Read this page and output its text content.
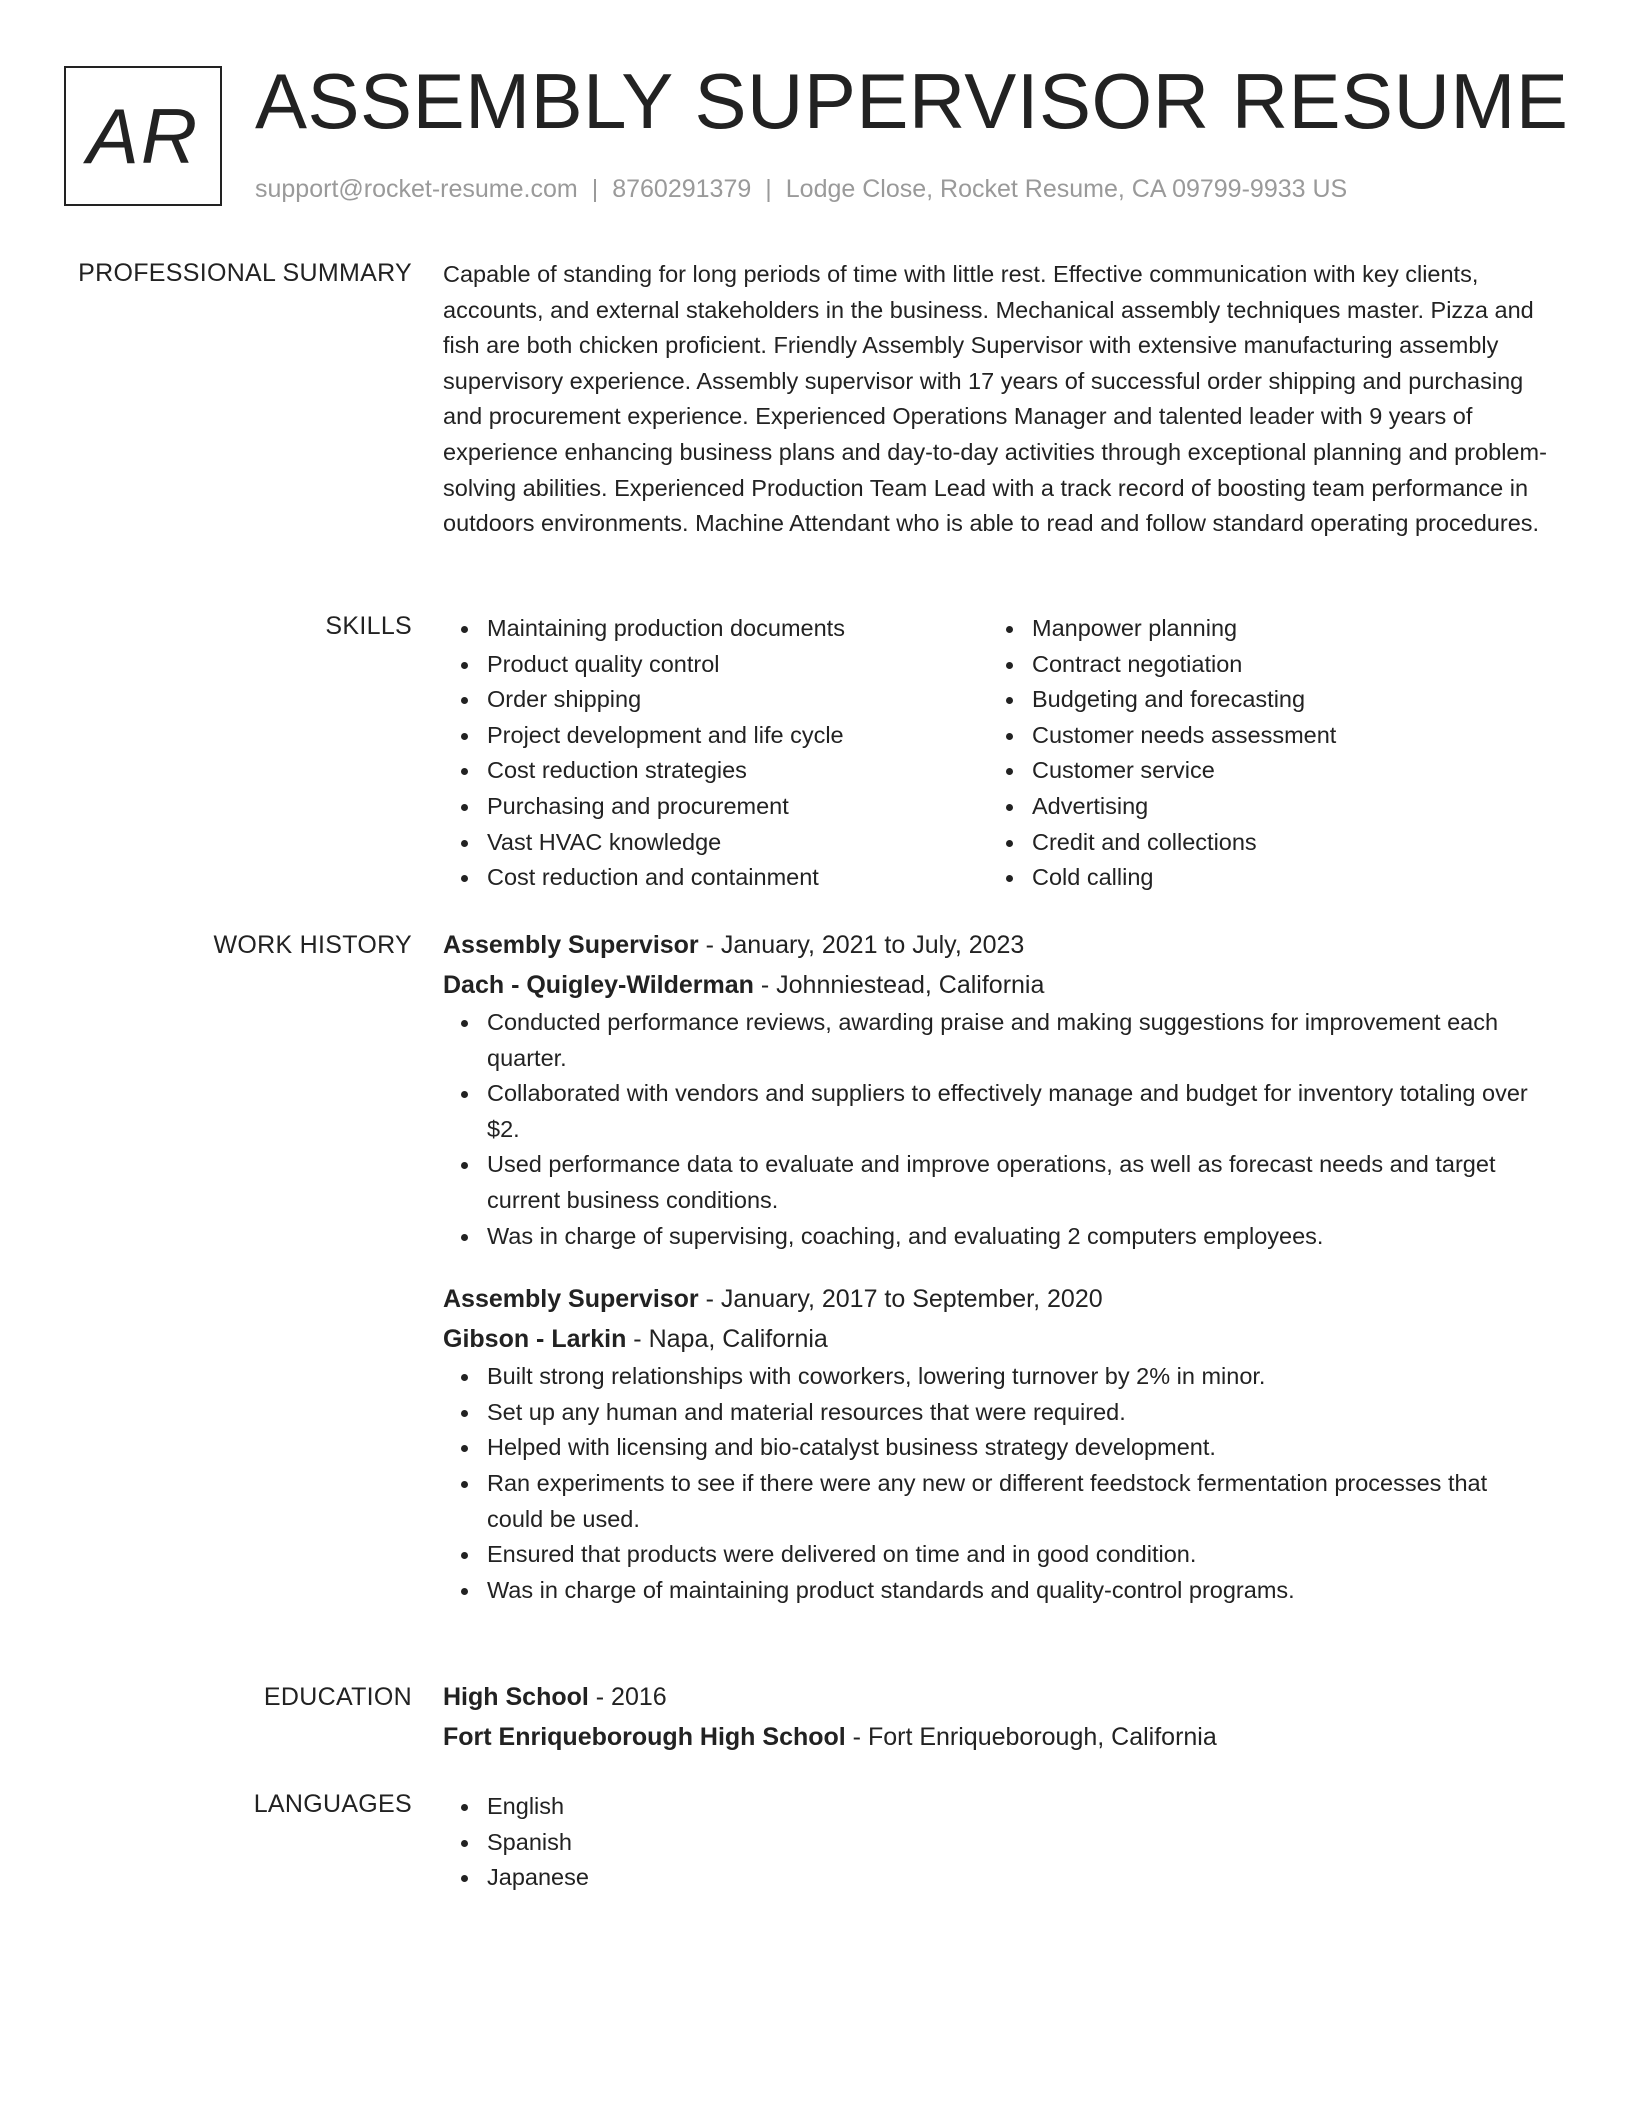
AR ASSEMBLY SUPERVISOR RESUME
support@rocket-resume.com | 8760291379 | Lodge Close, Rocket Resume, CA 09799-9933 US
PROFESSIONAL SUMMARY Capable of standing for long periods of time with little rest. Effective communication with key clients, accounts, and external stakeholders in the business. Mechanical assembly techniques master. Pizza and fish are both chicken proficient. Friendly Assembly Supervisor with extensive manufacturing assembly supervisory experience. Assembly supervisor with 17 years of successful order shipping and purchasing and procurement experience. Experienced Operations Manager and talented leader with 9 years of experience enhancing business plans and day-to-day activities through exceptional planning and problem-solving abilities. Experienced Production Team Lead with a track record of boosting team performance in outdoors environments. Machine Attendant who is able to read and follow standard operating procedures.

SKILLS	Maintaining production documents
Product quality control
Order shipping
Project development and life cycle
Cost reduction strategies
Purchasing and procurement
Vast HVAC knowledge
Cost reduction and containment
Manpower planning
Contract negotiation
Budgeting and forecasting
Customer needs assessment
Customer service
Advertising
Credit and collections
Cold calling
WORK HISTORY Assembly Supervisor - January, 2021 to July, 2023
Dach - Quigley-Wilderman - Johnniestead, California
Conducted performance reviews, awarding praise and making suggestions for improvement each quarter.
Collaborated with vendors and suppliers to effectively manage and budget for inventory totaling over $2.
Used performance data to evaluate and improve operations, as well as forecast needs and target current business conditions.
Was in charge of supervising, coaching, and evaluating 2 computers employees.
Assembly Supervisor - January, 2017 to September, 2020
Gibson - Larkin - Napa, California
Built strong relationships with coworkers, lowering turnover by 2% in minor.
Set up any human and material resources that were required.
Helped with licensing and bio-catalyst business strategy development.
Ran experiments to see if there were any new or different feedstock fermentation processes that could be used.
Ensured that products were delivered on time and in good condition.
Was in charge of maintaining product standards and quality-control programs.
EDUCATION High School - 2016
Fort Enriqueborough High School - Fort Enriqueborough, California
LANGUAGES	English
Spanish
Japanese
